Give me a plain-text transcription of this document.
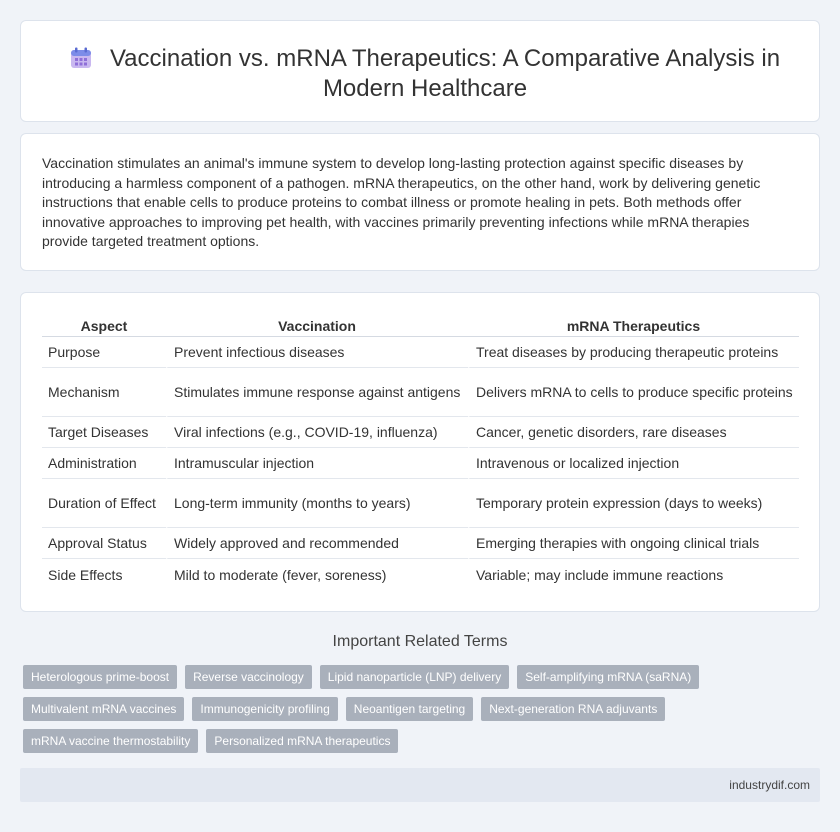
Vaccination vs. mRNA Therapeutics: A Comparative Analysis in Modern Healthcare

Vaccination stimulates an animal's immune system to develop long-lasting protection against specific diseases by introducing a harmless component of a pathogen. mRNA therapeutics, on the other hand, work by delivering genetic instructions that enable cells to produce proteins to combat illness or promote healing in pets. Both methods offer innovative approaches to improving pet health, with vaccines primarily preventing infections while mRNA therapies provide targeted treatment options.

Aspect	Vaccination	mRNA Therapeutics
Purpose	Prevent infectious diseases	Treat diseases by producing therapeutic proteins
Mechanism	Stimulates immune response against antigens	Delivers mRNA to cells to produce specific proteins
Target Diseases	Viral infections (e.g., COVID-19, influenza)	Cancer, genetic disorders, rare diseases
Administration	Intramuscular injection	Intravenous or localized injection
Duration of Effect	Long-term immunity (months to years)	Temporary protein expression (days to weeks)
Approval Status	Widely approved and recommended	Emerging therapies with ongoing clinical trials
Side Effects	Mild to moderate (fever, soreness)	Variable; may include immune reactions
Important Related Terms
Heterologous prime-boost	Reverse vaccinology	Lipid nanoparticle (LNP) delivery	Self-amplifying mRNA (saRNA)
Multivalent mRNA vaccines	Immunogenicity profiling	Neoantigen targeting	Next-generation RNA adjuvants
mRNA vaccine thermostability	Personalized mRNA therapeutics
industrydif.com
